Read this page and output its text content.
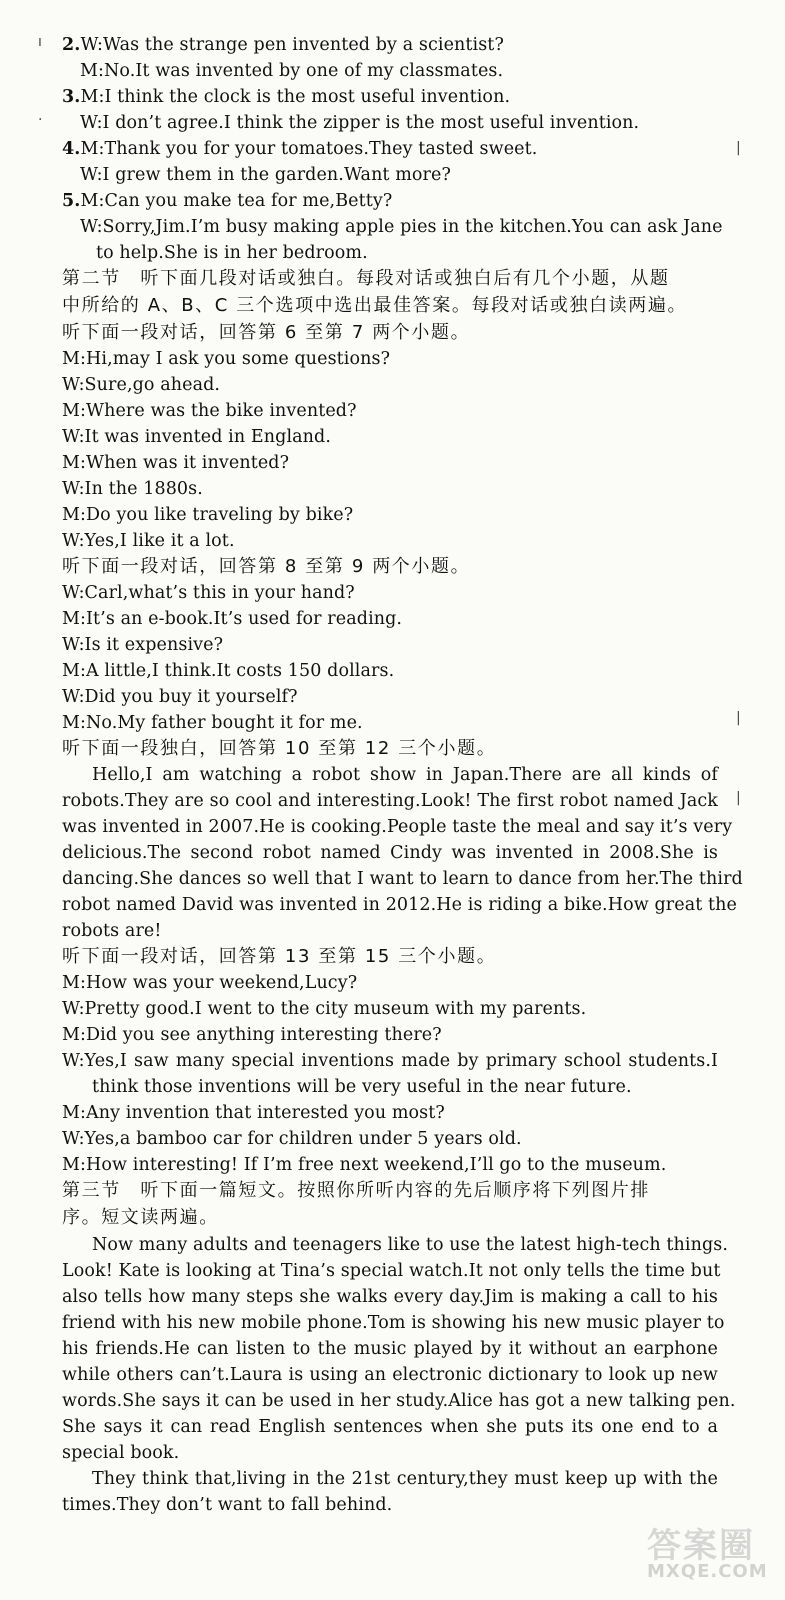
2.W:Was the strange pen invented by a scientist?
M:No.It was invented by one of my classmates.
3.M:I think the clock is the most useful invention.
W:I don’t agree.I think the zipper is the most useful invention.
4.M:Thank you for your tomatoes.They tasted sweet.
W:I grew them in the garden.Want more?
5.M:Can you make tea for me,Betty?
W:Sorry,Jim.I’m busy making apple pies in the kitchen.You can ask Jane
to help.She is in her bedroom.
第二节　听下面几段对话或独白。每段对话或独白后有几个小题，从题
中所给的 A、B、C 三个选项中选出最佳答案。每段对话或独白读两遍。
听下面一段对话，回答第 6 至第 7 两个小题。
M:Hi,may I ask you some questions?
W:Sure,go ahead.
M:Where was the bike invented?
W:It was invented in England.
M:When was it invented?
W:In the 1880s.
M:Do you like traveling by bike?
W:Yes,I like it a lot.
听下面一段对话，回答第 8 至第 9 两个小题。
W:Carl,what’s this in your hand?
M:It’s an e-book.It’s used for reading.
W:Is it expensive?
M:A little,I think.It costs 150 dollars.
W:Did you buy it yourself?
M:No.My father bought it for me.
听下面一段独白，回答第 10 至第 12 三个小题。
Hello,I am watching a robot show in Japan.There are all kinds of
robots.They are so cool and interesting.Look! The first robot named Jack
was invented in 2007.He is cooking.People taste the meal and say it’s very
delicious.The second robot named Cindy was invented in 2008.She is
dancing.She dances so well that I want to learn to dance from her.The third
robot named David was invented in 2012.He is riding a bike.How great the
robots are!
听下面一段对话，回答第 13 至第 15 三个小题。
M:How was your weekend,Lucy?
W:Pretty good.I went to the city museum with my parents.
M:Did you see anything interesting there?
W:Yes,I saw many special inventions made by primary school students.I
think those inventions will be very useful in the near future.
M:Any invention that interested you most?
W:Yes,a bamboo car for children under 5 years old.
M:How interesting! If I’m free next weekend,I’ll go to the museum.
第三节　听下面一篇短文。按照你所听内容的先后顺序将下列图片排
序。短文读两遍。
Now many adults and teenagers like to use the latest high-tech things.
Look! Kate is looking at Tina’s special watch.It not only tells the time but
also tells how many steps she walks every day.Jim is making a call to his
friend with his new mobile phone.Tom is showing his new music player to
his friends.He can listen to the music played by it without an earphone
while others can’t.Laura is using an electronic dictionary to look up new
words.She says it can be used in her study.Alice has got a new talking pen.
She says it can read English sentences when she puts its one end to a
special book.
They think that,living in the 21st century,they must keep up with the
times.They don’t want to fall behind.
ı
·
|
|
|
答案圈
MXQE.COM
